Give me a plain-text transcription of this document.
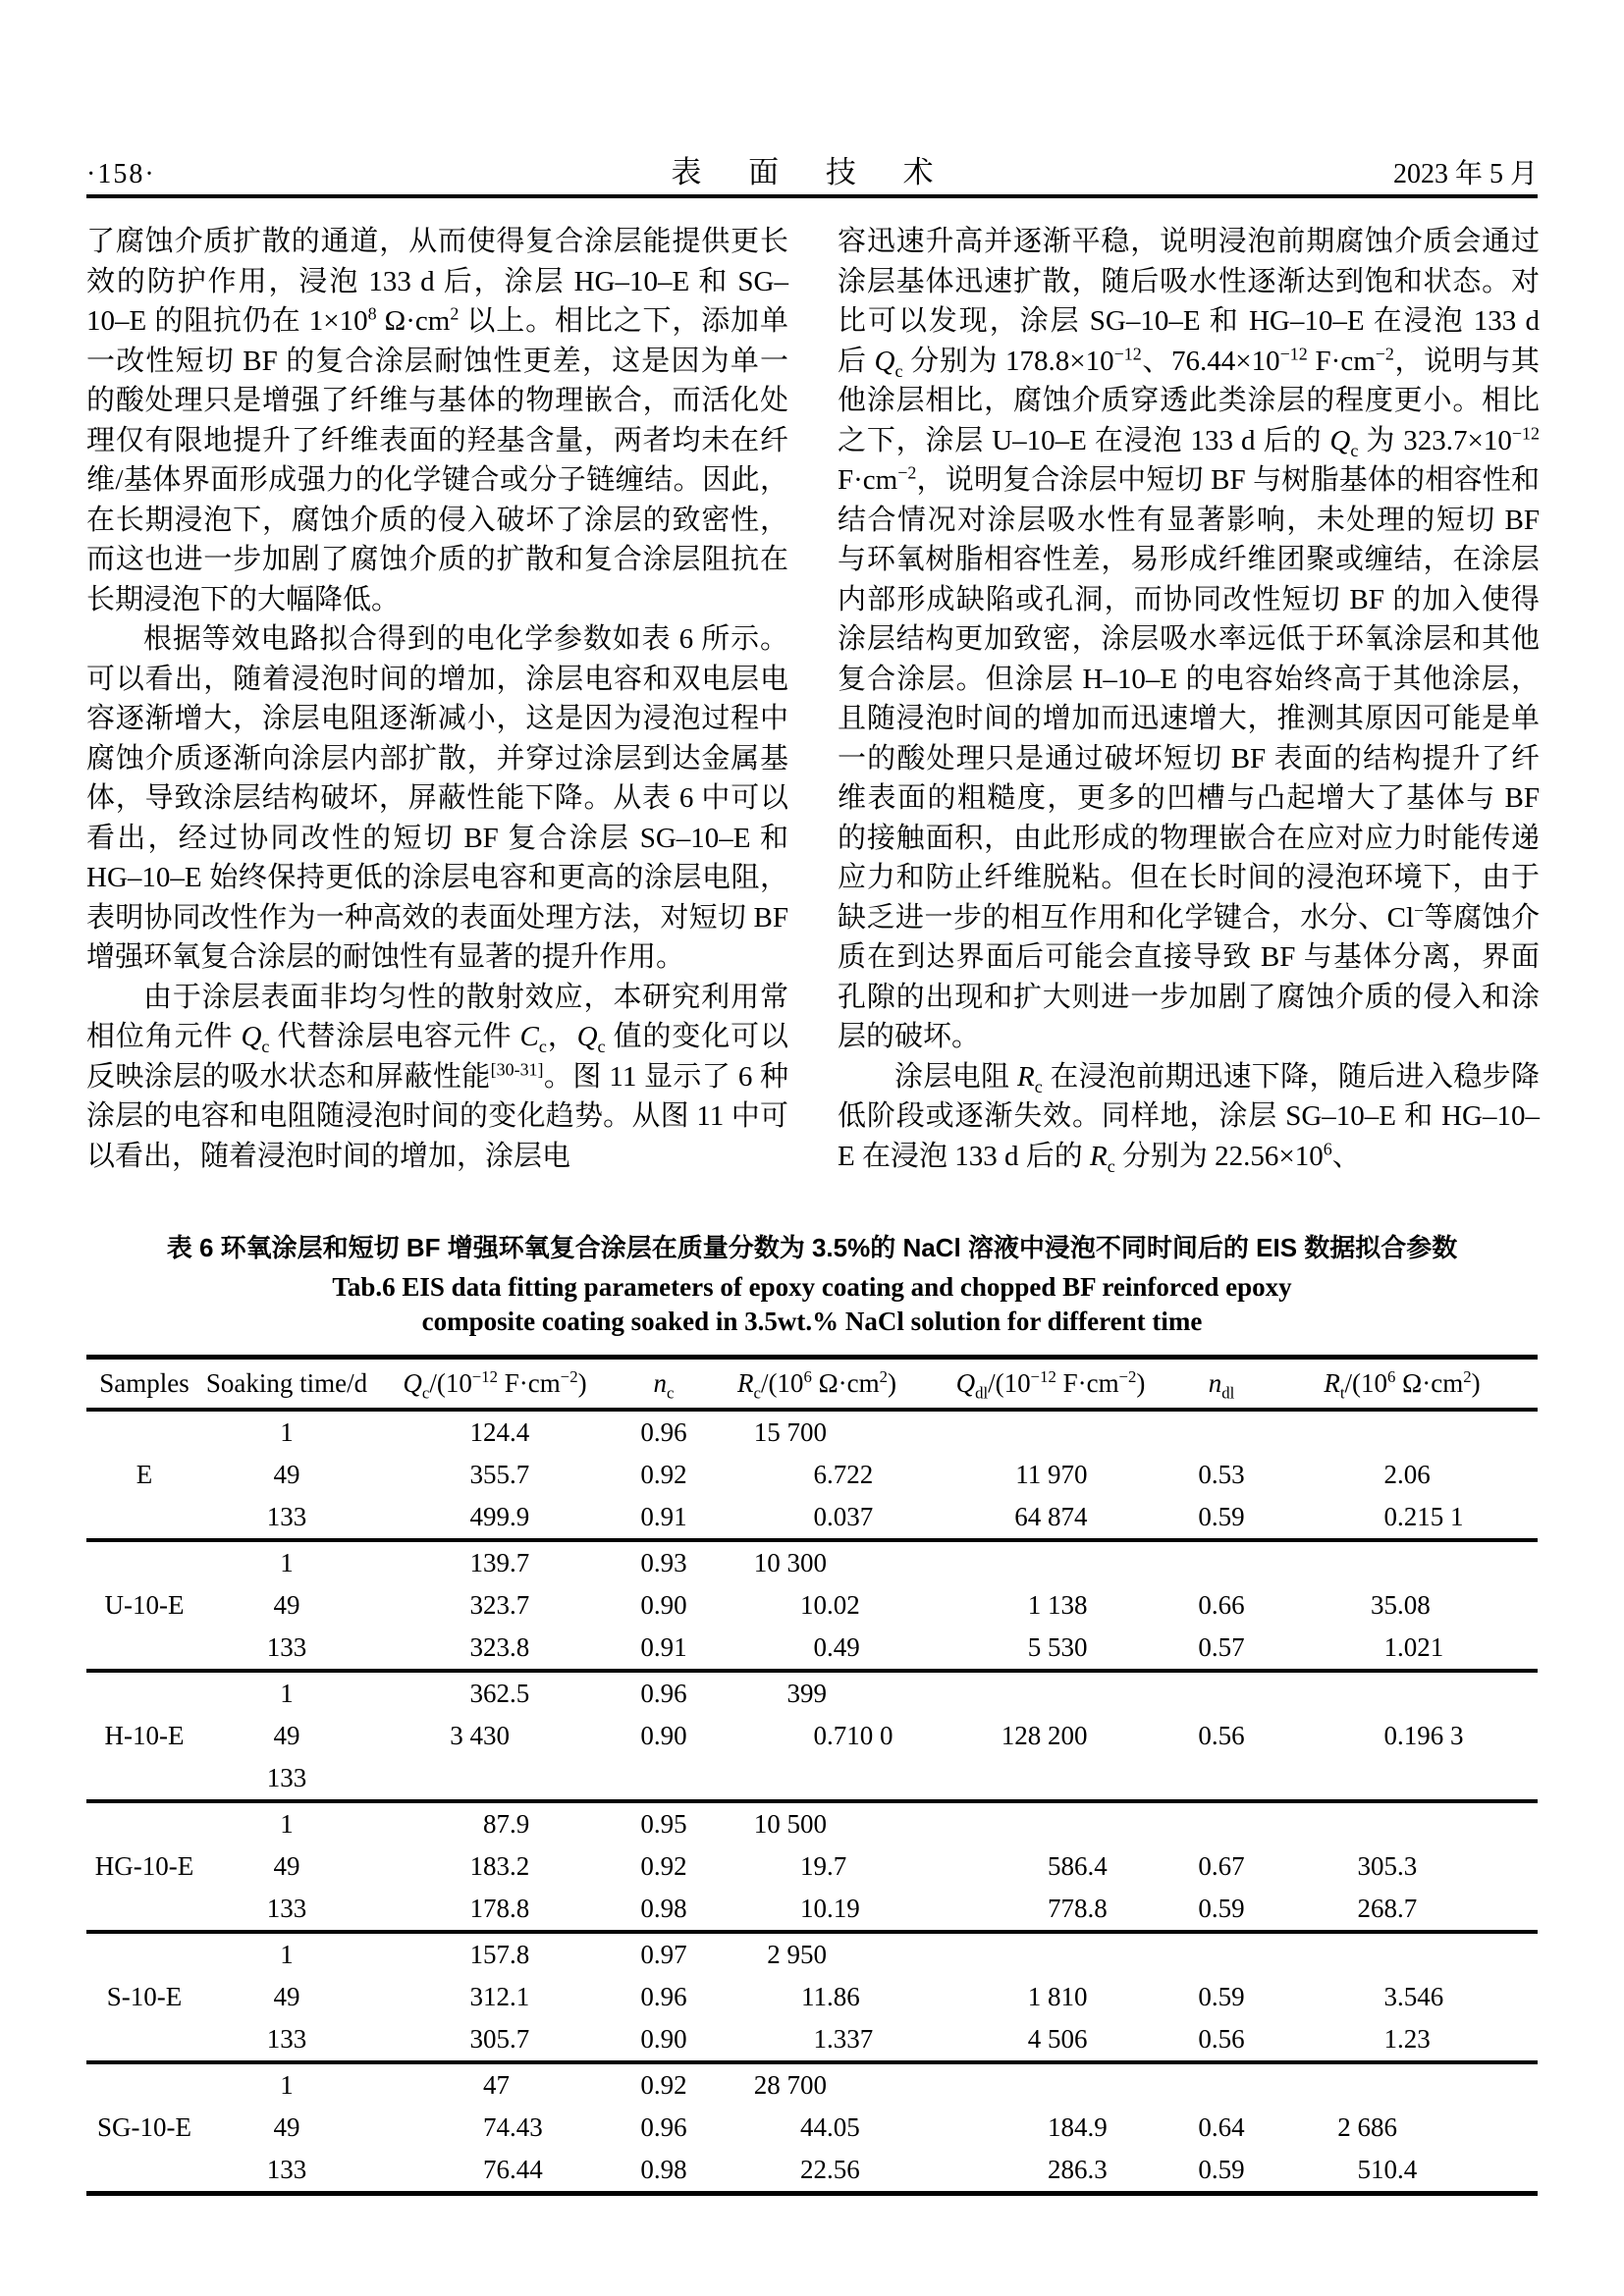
·158·	表 面 技 术	2023 年 5 月

了腐蚀介质扩散的通道，从而使得复合涂层能提供更长效的防护作用，浸泡 133 d 后，涂层 HG–10–E 和 SG–10–E 的阻抗仍在 $1\times 10^8$ $\Omega\cdot cm^2$ 以上。相比之下，添加单一改性短切 BF 的复合涂层耐蚀性更差，这是因为单一的酸处理只是增强了纤维与基体的物理嵌合，而活化处理仅有限地提升了纤维表面的羟基含量，两者均未在纤维/基体界面形成强力的化学键合或分子链缠结。因此，在长期浸泡下，腐蚀介质的侵入破坏了涂层的致密性，而这也进一步加剧了腐蚀介质的扩散和复合涂层阻抗在长期浸泡下的大幅降低。

根据等效电路拟合得到的电化学参数如表 6 所示。可以看出，随着浸泡时间的增加，涂层电容和双电层电容逐渐增大，涂层电阻逐渐减小，这是因为浸泡过程中腐蚀介质逐渐向涂层内部扩散，并穿过涂层到达金属基体，导致涂层结构破坏，屏蔽性能下降。从表 6 中可以看出，经过协同改性的短切 BF 复合涂层 SG–10–E 和 HG–10–E 始终保持更低的涂层电容和更高的涂层电阻，表明协同改性作为一种高效的表面处理方法，对短切 BF 增强环氧复合涂层的耐蚀性有显著的提升作用。

由于涂层表面非均匀性的散射效应，本研究利用常相位角元件 $Q_c$ 代替涂层电容元件 $C_c$，$Q_c$ 值的变化可以反映涂层的吸水状态和屏蔽性能[30-31]。图 11 显示了 6 种涂层的电容和电阻随浸泡时间的变化趋势。从图 11 中可以看出，随着浸泡时间的增加，涂层电

容迅速升高并逐渐平稳，说明浸泡前期腐蚀介质会通过涂层基体迅速扩散，随后吸水性逐渐达到饱和状态。对比可以发现，涂层 SG–10–E 和 HG–10–E 在浸泡 133 d 后 $Q_c$ 分别为 $178.8\times 10^{-12}$、$76.44\times 10^{-12}$ $F\cdot cm^{-2}$，说明与其他涂层相比，腐蚀介质穿透此类涂层的程度更小。相比之下，涂层 U–10–E 在浸泡 133 d 后的 $Q_c$ 为 $323.7\times 10^{-12}$ $F\cdot cm^{-2}$，说明复合涂层中短切 BF 与树脂基体的相容性和结合情况对涂层吸水性有显著影响，未处理的短切 BF 与环氧树脂相容性差，易形成纤维团聚或缠结，在涂层内部形成缺陷或孔洞，而协同改性短切 BF 的加入使得涂层结构更加致密，涂层吸水率远低于环氧涂层和其他复合涂层。但涂层 H–10–E 的电容始终高于其他涂层，且随浸泡时间的增加而迅速增大，推测其原因可能是单一的酸处理只是通过破坏短切 BF 表面的结构提升了纤维表面的粗糙度，更多的凹槽与凸起增大了基体与 BF 的接触面积，由此形成的物理嵌合在应对应力时能传递应力和防止纤维脱粘。但在长时间的浸泡环境下，由于缺乏进一步的相互作用和化学键合，水分、Cl−等腐蚀介质在到达界面后可能会直接导致 BF 与基体分离，界面孔隙的出现和扩大则进一步加剧了腐蚀介质的侵入和涂层的破坏。

涂层电阻 $R_c$ 在浸泡前期迅速下降，随后进入稳步降低阶段或逐渐失效。同样地，涂层 SG–10–E 和 HG–10–E 在浸泡 133 d 后的 $R_c$ 分别为 $22.56\times 10^6$、

表 6 环氧涂层和短切 BF 增强环氧复合涂层在质量分数为 3.5%的 NaCl 溶液中浸泡不同时间后的 EIS 数据拟合参数
Tab.6 EIS data fitting parameters of epoxy coating and chopped BF reinforced epoxy
composite coating soaked in 3.5wt.% NaCl solution for different time
Samples	Soaking time/d	$Q_c/(10^{-12}$ $F\cdot cm^{-2}$)	$n_c$	$R_c/(10^6$ $\Omega\cdot cm^2$)	$Q_{dl}/(10^{-12}$ $F\cdot cm^{-2}$)	$n_{dl}$	$R_t/(10^6$ $\Omega\cdot cm^2$)
E	1	124.4	0.96	15 700			
	49	355.7	0.92	6.722	11 970	0.53	2.06
	133	499.9	0.91	0.037	64 874	0.59	0.215 1
U-10-E	1	139.7	0.93	10 300			
	49	323.7	0.90	10.02	1 138	0.66	35.08
	133	323.8	0.91	0.49	5 530	0.57	1.021
H-10-E	1	362.5	0.96	399			
	49	3 430	0.90	0.710 0	128 200	0.56	0.196 3
	133						
HG-10-E	1	87.9	0.95	10 500			
	49	183.2	0.92	19.7	586.4	0.67	305.3
	133	178.8	0.98	10.19	778.8	0.59	268.7
S-10-E	1	157.8	0.97	2 950			
	49	312.1	0.96	11.86	1 810	0.59	3.546
	133	305.7	0.90	1.337	4 506	0.56	1.23
SG-10-E	1	47	0.92	28 700			
	49	74.43	0.96	44.05	184.9	0.64	2 686
	133	76.44	0.98	22.56	286.3	0.59	510.4
